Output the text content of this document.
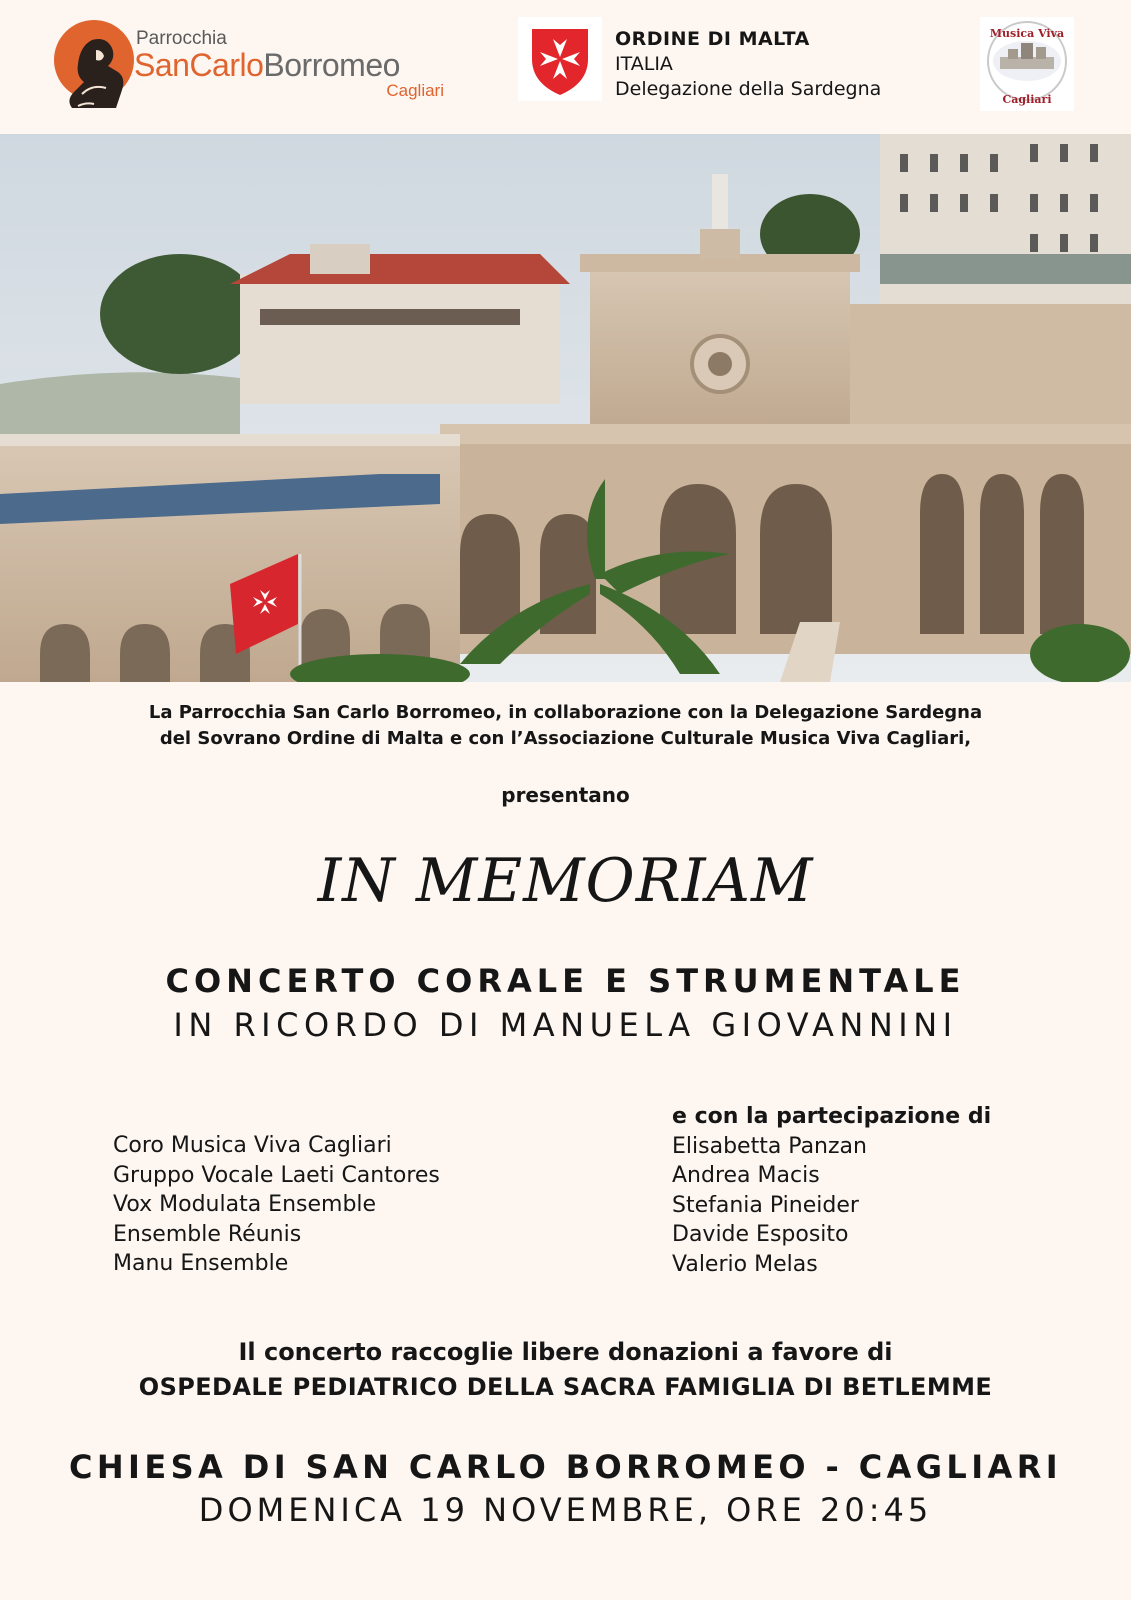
Parrocchia
SanCarloBorromeo
Cagliari
ORDINE DI MALTA
ITALIA
Delegazione della Sardegna
Musica Viva
Cagliari
La Parrocchia San Carlo Borromeo, in collaborazione con la Delegazione Sardegna
del Sovrano Ordine di Malta e con l’Associazione Culturale Musica Viva Cagliari,
presentano
IN MEMORIAM
CONCERTO CORALE E STRUMENTALE
IN RICORDO DI MANUELA GIOVANNINI
Coro Musica Viva Cagliari
Gruppo Vocale Laeti Cantores
Vox Modulata Ensemble
Ensemble Réunis
Manu Ensemble
e con la partecipazione di
Elisabetta Panzan
Andrea Macis
Stefania Pineider
Davide Esposito
Valerio Melas
Il concerto raccoglie libere donazioni a favore di
OSPEDALE PEDIATRICO DELLA SACRA FAMIGLIA DI BETLEMME
CHIESA DI SAN CARLO BORROMEO - CAGLIARI
DOMENICA 19 NOVEMBRE, ORE 20:45
